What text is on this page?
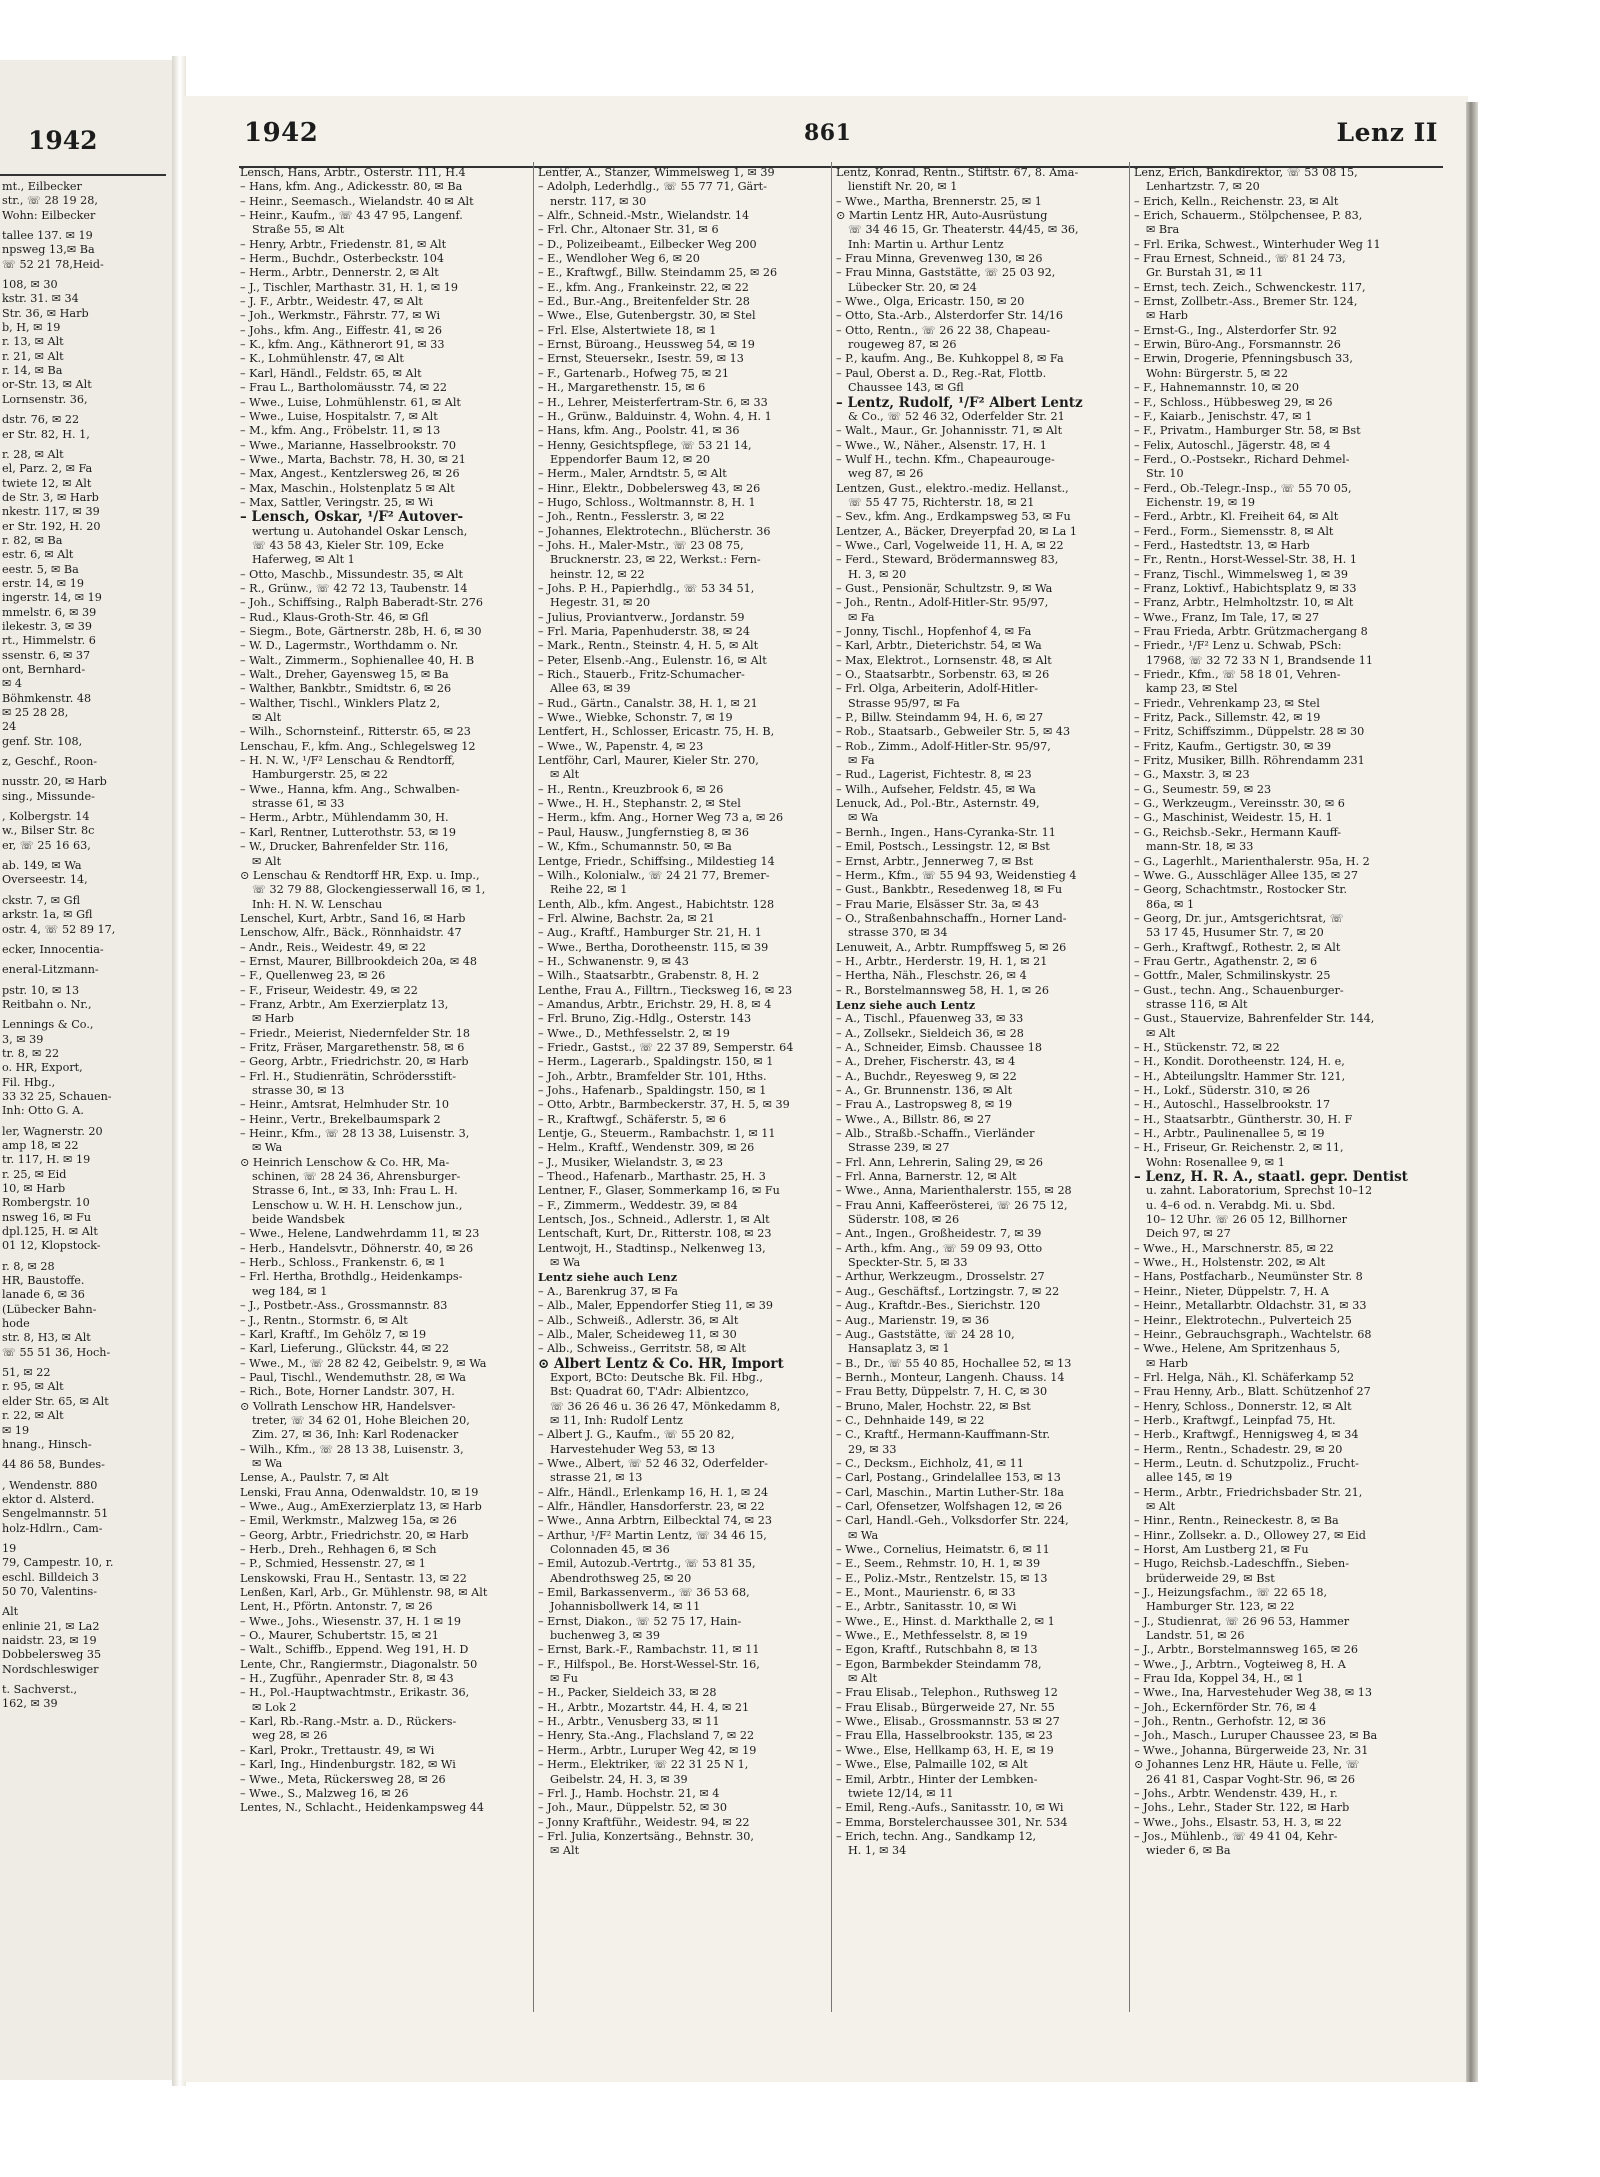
1942
mt., Eilbecker
str., ☏ 28 19 28,
Wohn: Eilbecker
tallee 137. ✉ 19
npsweg 13,✉ Ba
☏ 52 21 78,Heid-
108, ✉ 30
kstr. 31. ✉ 34
Str. 36, ✉ Harb
b, H, ✉ 19
r. 13, ✉ Alt
r. 21, ✉ Alt
r. 14, ✉ Ba
or-Str. 13, ✉ Alt
Lornsenstr. 36,
dstr. 76, ✉ 22
er Str. 82, H. 1,
r. 28, ✉ Alt
el, Parz. 2, ✉ Fa
twiete 12, ✉ Alt
de Str. 3, ✉ Harb
nkestr. 117, ✉ 39
er Str. 192, H. 20
r. 82, ✉ Ba
estr. 6, ✉ Alt
eestr. 5, ✉ Ba
erstr. 14, ✉ 19
ingerstr. 14, ✉ 19
mmelstr. 6, ✉ 39
ilekestr. 3, ✉ 39
rt., Himmelstr. 6
ssenstr. 6, ✉ 37
ont, Bernhard-
✉ 4
Böhmkenstr. 48
✉ 25 28 28,
24
genf. Str. 108,
z, Geschf., Roon-
nusstr. 20, ✉ Harb
sing., Missunde-
, Kolbergstr. 14
w., Bilser Str. 8c
er, ☏ 25 16 63,
ab. 149, ✉ Wa
Overseestr. 14,
ckstr. 7, ✉ Gfl
arkstr. 1a, ✉ Gfl
ostr. 4, ☏ 52 89 17,
ecker, Innocentia-
eneral-Litzmann-
pstr. 10, ✉ 13
Reitbahn o. Nr.,
Lennings & Co.,
3, ✉ 39
tr. 8, ✉ 22
o. HR, Export,
Fil. Hbg.,
33 32 25, Schauen-
Inh: Otto G. A.
ler, Wagnerstr. 20
amp 18, ✉ 22
tr. 117, H. ✉ 19
r. 25, ✉ Eid
10, ✉ Harb
Rombergstr. 10
nsweg 16, ✉ Fu
dpl.125, H. ✉ Alt
01 12, Klopstock-
r. 8, ✉ 28
HR, Baustoffe.
lanade 6, ✉ 36
(Lübecker Bahn-
hode
str. 8, H3, ✉ Alt
☏ 55 51 36, Hoch-
51, ✉ 22
r. 95, ✉ Alt
elder Str. 65, ✉ Alt
r. 22, ✉ Alt
✉ 19
hnang., Hinsch-
44 86 58, Bundes-
, Wendenstr. 880
ektor d. Alsterd.
Sengelmannstr. 51
holz-Hdlrn., Cam-
19
79, Campestr. 10, r.
eschl. Billdeich 3
50 70, Valentins-
Alt
enlinie 21, ✉ La2
naidstr. 23, ✉ 19
Dobbelersweg 35
Nordschleswiger
t. Sachverst.,
162, ✉ 39
1942	861	Lenz II
Lensch, Hans, Arbtr., Osterstr. 111, H.4
– Hans, kfm. Ang., Adickesstr. 80, ✉ Ba
– Heinr., Seemasch., Wielandstr. 40 ✉ Alt
– Heinr., Kaufm., ☏ 43 47 95, Langenf.
Straße 55, ✉ Alt
– Henry, Arbtr., Friedenstr. 81, ✉ Alt
– Herm., Buchdr., Osterbeckstr. 104
– Herm., Arbtr., Dennerstr. 2, ✉ Alt
– J., Tischler, Marthastr. 31, H. 1, ✉ 19
– J. F., Arbtr., Weidestr. 47, ✉ Alt
– Joh., Werkmstr., Fährstr. 77, ✉ Wi
– Johs., kfm. Ang., Eiffestr. 41, ✉ 26
– K., kfm. Ang., Käthnerort 91, ✉ 33
– K., Lohmühlenstr. 47, ✉ Alt
– Karl, Händl., Feldstr. 65, ✉ Alt
– Frau L., Bartholomäusstr. 74, ✉ 22
– Wwe., Luise, Lohmühlenstr. 61, ✉ Alt
– Wwe., Luise, Hospitalstr. 7, ✉ Alt
– M., kfm. Ang., Fröbelstr. 11, ✉ 13
– Wwe., Marianne, Hasselbrookstr. 70
– Wwe., Marta, Bachstr. 78, H. 30, ✉ 21
– Max, Angest., Kentzlersweg 26, ✉ 26
– Max, Maschin., Holstenplatz 5 ✉ Alt
– Max, Sattler, Veringstr. 25, ✉ Wi
– Lensch, Oskar, ¹/F² Autover-
wertung u. Autohandel Oskar Lensch,
☏ 43 58 43, Kieler Str. 109, Ecke
Haferweg, ✉ Alt 1
– Otto, Maschb., Missundestr. 35, ✉ Alt
– R., Grünw., ☏ 42 72 13, Taubenstr. 14
– Joh., Schiffsing., Ralph Baberadt-Str. 276
– Rud., Klaus-Groth-Str. 46, ✉ Gfl
– Siegm., Bote, Gärtnerstr. 28b, H. 6, ✉ 30
– W. D., Lagermstr., Worthdamm o. Nr.
– Walt., Zimmerm., Sophienallee 40, H. B
– Walt., Dreher, Gayensweg 15, ✉ Ba
– Walther, Bankbtr., Smidtstr. 6, ✉ 26
– Walther, Tischl., Winklers Platz 2,
✉ Alt
– Wilh., Schornsteinf., Ritterstr. 65, ✉ 23
Lenschau, F., kfm. Ang., Schlegelsweg 12
– H. N. W., ¹/F² Lenschau & Rendtorff,
Hamburgerstr. 25, ✉ 22
– Wwe., Hanna, kfm. Ang., Schwalben-
strasse 61, ✉ 33
– Herm., Arbtr., Mühlendamm 30, H.
– Karl, Rentner, Lutterothstr. 53, ✉ 19
– W., Drucker, Bahrenfelder Str. 116,
✉ Alt
⊙ Lenschau & Rendtorff HR, Exp. u. Imp.,
☏ 32 79 88, Glockengiesserwall 16, ✉ 1,
Inh: H. N. W. Lenschau
Lenschel, Kurt, Arbtr., Sand 16, ✉ Harb
Lenschow, Alfr., Bäck., Rönnhaidstr. 47
– Andr., Reis., Weidestr. 49, ✉ 22
– Ernst, Maurer, Billbrookdeich 20a, ✉ 48
– F., Quellenweg 23, ✉ 26
– F., Friseur, Weidestr. 49, ✉ 22
– Franz, Arbtr., Am Exerzierplatz 13,
✉ Harb
– Friedr., Meierist, Niedernfelder Str. 18
– Fritz, Fräser, Margarethenstr. 58, ✉ 6
– Georg, Arbtr., Friedrichstr. 20, ✉ Harb
– Frl. H., Studienrätin, Schrödersstift-
strasse 30, ✉ 13
– Heinr., Amtsrat, Helmhuder Str. 10
– Heinr., Vertr., Brekelbaumspark 2
– Heinr., Kfm., ☏ 28 13 38, Luisenstr. 3,
✉ Wa
⊙ Heinrich Lenschow & Co. HR, Ma-
schinen, ☏ 28 24 36, Ahrensburger-
Strasse 6, Int., ✉ 33, Inh: Frau L. H.
Lenschow u. W. H. H. Lenschow jun.,
beide Wandsbek
– Wwe., Helene, Landwehrdamm 11, ✉ 23
– Herb., Handelsvtr., Döhnerstr. 40, ✉ 26
– Herb., Schloss., Frankenstr. 6, ✉ 1
– Frl. Hertha, Brothdlg., Heidenkamps-
weg 184, ✉ 1
– J., Postbetr.-Ass., Grossmannstr. 83
– J., Rentn., Stormstr. 6, ✉ Alt
– Karl, Kraftf., Im Gehölz 7, ✉ 19
– Karl, Lieferung., Glückstr. 44, ✉ 22
– Wwe., M., ☏ 28 82 42, Geibelstr. 9, ✉ Wa
– Paul, Tischl., Wendemuthstr. 28, ✉ Wa
– Rich., Bote, Horner Landstr. 307, H.
⊙ Vollrath Lenschow HR, Handelsver-
treter, ☏ 34 62 01, Hohe Bleichen 20,
Zim. 27, ✉ 36, Inh: Karl Rodenacker
– Wilh., Kfm., ☏ 28 13 38, Luisenstr. 3,
✉ Wa
Lense, A., Paulstr. 7, ✉ Alt
Lenski, Frau Anna, Odenwaldstr. 10, ✉ 19
– Wwe., Aug., AmExerzierplatz 13, ✉ Harb
– Emil, Werkmstr., Malzweg 15a, ✉ 26
– Georg, Arbtr., Friedrichstr. 20, ✉ Harb
– Herb., Dreh., Rehhagen 6, ✉ Sch
– P., Schmied, Hessenstr. 27, ✉ 1
Lenskowski, Frau H., Sentastr. 13, ✉ 22
Lenßen, Karl, Arb., Gr. Mühlenstr. 98, ✉ Alt
Lent, H., Pförtn. Antonstr. 7, ✉ 26
– Wwe., Johs., Wiesenstr. 37, H. 1 ✉ 19
– O., Maurer, Schubertstr. 15, ✉ 21
– Walt., Schiffb., Eppend. Weg 191, H. D
Lente, Chr., Rangiermstr., Diagonalstr. 50
– H., Zugführ., Apenrader Str. 8, ✉ 43
– H., Pol.-Hauptwachtmstr., Erikastr. 36,
✉ Lok 2
– Karl, Rb.-Rang.-Mstr. a. D., Rückers-
weg 28, ✉ 26
– Karl, Prokr., Trettaustr. 49, ✉ Wi
– Karl, Ing., Hindenburgstr. 182, ✉ Wi
– Wwe., Meta, Rückersweg 28, ✉ 26
– Wwe., S., Malzweg 16, ✉ 26
Lentes, N., Schlacht., Heidenkampsweg 44
Lentfer, A., Stanzer, Wimmelsweg 1, ✉ 39
– Adolph, Lederhdlg., ☏ 55 77 71, Gärt-
nerstr. 117, ✉ 30
– Alfr., Schneid.-Mstr., Wielandstr. 14
– Frl. Chr., Altonaer Str. 31, ✉ 6
– D., Polizeibeamt., Eilbecker Weg 200
– E., Wendloher Weg 6, ✉ 20
– E., Kraftwgf., Billw. Steindamm 25, ✉ 26
– E., kfm. Ang., Frankeinstr. 22, ✉ 22
– Ed., Bur.-Ang., Breitenfelder Str. 28
– Wwe., Else, Gutenbergstr. 30, ✉ Stel
– Frl. Else, Alstertwiete 18, ✉ 1
– Ernst, Büroang., Heussweg 54, ✉ 19
– Ernst, Steuersekr., Isestr. 59, ✉ 13
– F., Gartenarb., Hofweg 75, ✉ 21
– H., Margarethenstr. 15, ✉ 6
– H., Lehrer, Meisterfertram-Str. 6, ✉ 33
– H., Grünw., Balduinstr. 4, Wohn. 4, H. 1
– Hans, kfm. Ang., Poolstr. 41, ✉ 36
– Henny, Gesichtspflege, ☏ 53 21 14,
Eppendorfer Baum 12, ✉ 20
– Herm., Maler, Arndtstr. 5, ✉ Alt
– Hinr., Elektr., Dobbelersweg 43, ✉ 26
– Hugo, Schloss., Woltmannstr. 8, H. 1
– Joh., Rentn., Fesslerstr. 3, ✉ 22
– Johannes, Elektrotechn., Blücherstr. 36
– Johs. H., Maler-Mstr., ☏ 23 08 75,
Brucknerstr. 23, ✉ 22, Werkst.: Fern-
heinstr. 12, ✉ 22
– Johs. P. H., Papierhdlg., ☏ 53 34 51,
Hegestr. 31, ✉ 20
– Julius, Proviantverw., Jordanstr. 59
– Frl. Maria, Papenhuderstr. 38, ✉ 24
– Mark., Rentn., Steinstr. 4, H. 5, ✉ Alt
– Peter, Elsenb.-Ang., Eulenstr. 16, ✉ Alt
– Rich., Stauerb., Fritz-Schumacher-
Allee 63, ✉ 39
– Rud., Gärtn., Canalstr. 38, H. 1, ✉ 21
– Wwe., Wiebke, Schonstr. 7, ✉ 19
Lentfert, H., Schlosser, Ericastr. 75, H. B,
– Wwe., W., Papenstr. 4, ✉ 23
Lentföhr, Carl, Maurer, Kieler Str. 270,
✉ Alt
– H., Rentn., Kreuzbrook 6, ✉ 26
– Wwe., H. H., Stephanstr. 2, ✉ Stel
– Herm., kfm. Ang., Horner Weg 73 a, ✉ 26
– Paul, Hausw., Jungfernstieg 8, ✉ 36
– W., Kfm., Schumannstr. 50, ✉ Ba
Lentge, Friedr., Schiffsing., Mildestieg 14
– Wilh., Kolonialw., ☏ 24 21 77, Bremer-
Reihe 22, ✉ 1
Lenth, Alb., kfm. Angest., Habichtstr. 128
– Frl. Alwine, Bachstr. 2a, ✉ 21
– Aug., Kraftf., Hamburger Str. 21, H. 1
– Wwe., Bertha, Dorotheenstr. 115, ✉ 39
– H., Schwanenstr. 9, ✉ 43
– Wilh., Staatsarbtr., Grabenstr. 8, H. 2
Lenthe, Frau A., Filltrn., Tiecksweg 16, ✉ 23
– Amandus, Arbtr., Erichstr. 29, H. 8, ✉ 4
– Frl. Bruno, Zig.-Hdlg., Osterstr. 143
– Wwe., D., Methfesselstr. 2, ✉ 19
– Friedr., Gastst., ☏ 22 37 89, Semperstr. 64
– Herm., Lagerarb., Spaldingstr. 150, ✉ 1
– Joh., Arbtr., Bramfelder Str. 101, Hths.
– Johs., Hafenarb., Spaldingstr. 150, ✉ 1
– Otto, Arbtr., Barmbeckerstr. 37, H. 5, ✉ 39
– R., Kraftwgf., Schäferstr. 5, ✉ 6
Lentje, G., Steuerm., Rambachstr. 1, ✉ 11
– Helm., Kraftf., Wendenstr. 309, ✉ 26
– J., Musiker, Wielandstr. 3, ✉ 23
– Theod., Hafenarb., Marthastr. 25, H. 3
Lentner, F., Glaser, Sommerkamp 16, ✉ Fu
– F., Zimmerm., Weddestr. 39, ✉ 84
Lentsch, Jos., Schneid., Adlerstr. 1, ✉ Alt
Lentschaft, Kurt, Dr., Ritterstr. 108, ✉ 23
Lentwojt, H., Stadtinsp., Nelkenweg 13,
✉ Wa
Lentz siehe auch Lenz
– A., Barenkrug 37, ✉ Fa
– Alb., Maler, Eppendorfer Stieg 11, ✉ 39
– Alb., Schweiß., Adlerstr. 36, ✉ Alt
– Alb., Maler, Scheideweg 11, ✉ 30
– Alb., Schweiss., Gerritstr. 58, ✉ Alt
⊙ Albert Lentz & Co. HR, Import
Export, BCto: Deutsche Bk. Fil. Hbg.,
Bst: Quadrat 60, T'Adr: Albientzco,
☏ 36 26 46 u. 36 26 47, Mönkedamm 8,
✉ 11, Inh: Rudolf Lentz
– Albert J. G., Kaufm., ☏ 55 20 82,
Harvestehuder Weg 53, ✉ 13
– Wwe., Albert, ☏ 52 46 32, Oderfelder-
strasse 21, ✉ 13
– Alfr., Händl., Erlenkamp 16, H. 1, ✉ 24
– Alfr., Händler, Hansdorferstr. 23, ✉ 22
– Wwe., Anna Arbtrn, Eilbecktal 74, ✉ 23
– Arthur, ¹/F² Martin Lentz, ☏ 34 46 15,
Colonnaden 45, ✉ 36
– Emil, Autozub.-Vertrtg., ☏ 53 81 35,
Abendrothsweg 25, ✉ 20
– Emil, Barkassenverm., ☏ 36 53 68,
Johannisbollwerk 14, ✉ 11
– Ernst, Diakon., ☏ 52 75 17, Hain-
buchenweg 3, ✉ 39
– Ernst, Bark.-F., Rambachstr. 11, ✉ 11
– F., Hilfspol., Be. Horst-Wessel-Str. 16,
✉ Fu
– H., Packer, Sieldeich 33, ✉ 28
– H., Arbtr., Mozartstr. 44, H. 4, ✉ 21
– H., Arbtr., Venusberg 33, ✉ 11
– Henry, Sta.-Ang., Flachsland 7, ✉ 22
– Herm., Arbtr., Luruper Weg 42, ✉ 19
– Herm., Elektriker, ☏ 22 31 25 N 1,
Geibelstr. 24, H. 3, ✉ 39
– Frl. J., Hamb. Hochstr. 21, ✉ 4
– Joh., Maur., Düppelstr. 52, ✉ 30
– Jonny Kraftführ., Weidestr. 94, ✉ 22
– Frl. Julia, Konzertsäng., Behnstr. 30,
✉ Alt
Lentz, Konrad, Rentn., Stiftstr. 67, 8. Ama-
lienstift Nr. 20, ✉ 1
– Wwe., Martha, Brennerstr. 25, ✉ 1
⊙ Martin Lentz HR, Auto-Ausrüstung
☏ 34 46 15, Gr. Theaterstr. 44/45, ✉ 36,
Inh: Martin u. Arthur Lentz
– Frau Minna, Grevenweg 130, ✉ 26
– Frau Minna, Gaststätte, ☏ 25 03 92,
Lübecker Str. 20, ✉ 24
– Wwe., Olga, Ericastr. 150, ✉ 20
– Otto, Sta.-Arb., Alsterdorfer Str. 14/16
– Otto, Rentn., ☏ 26 22 38, Chapeau-
rougeweg 87, ✉ 26
– P., kaufm. Ang., Be. Kuhkoppel 8, ✉ Fa
– Paul, Oberst a. D., Reg.-Rat, Flottb.
Chaussee 143, ✉ Gfl
– Lentz, Rudolf, ¹/F² Albert Lentz
& Co., ☏ 52 46 32, Oderfelder Str. 21
– Walt., Maur., Gr. Johannisstr. 71, ✉ Alt
– Wwe., W., Näher., Alsenstr. 17, H. 1
– Wulf H., techn. Kfm., Chapeaurouge-
weg 87, ✉ 26
Lentzen, Gust., elektro.-mediz. Hellanst.,
☏ 55 47 75, Richterstr. 18, ✉ 21
– Sev., kfm. Ang., Erdkampsweg 53, ✉ Fu
Lentzer, A., Bäcker, Dreyerpfad 20, ✉ La 1
– Wwe., Carl, Vogelweide 11, H. A, ✉ 22
– Ferd., Steward, Brödermannsweg 83,
H. 3, ✉ 20
– Gust., Pensionär, Schultzstr. 9, ✉ Wa
– Joh., Rentn., Adolf-Hitler-Str. 95/97,
✉ Fa
– Jonny, Tischl., Hopfenhof 4, ✉ Fa
– Karl, Arbtr., Dieterichstr. 54, ✉ Wa
– Max, Elektrot., Lornsenstr. 48, ✉ Alt
– O., Staatsarbtr., Sorbenstr. 63, ✉ 26
– Frl. Olga, Arbeiterin, Adolf-Hitler-
Strasse 95/97, ✉ Fa
– P., Billw. Steindamm 94, H. 6, ✉ 27
– Rob., Staatsarb., Gebweiler Str. 5, ✉ 43
– Rob., Zimm., Adolf-Hitler-Str. 95/97,
✉ Fa
– Rud., Lagerist, Fichtestr. 8, ✉ 23
– Wilh., Aufseher, Feldstr. 45, ✉ Wa
Lenuck, Ad., Pol.-Btr., Asternstr. 49,
✉ Wa
– Bernh., Ingen., Hans-Cyranka-Str. 11
– Emil, Postsch., Lessingstr. 12, ✉ Bst
– Ernst, Arbtr., Jennerweg 7, ✉ Bst
– Herm., Kfm., ☏ 55 94 93, Weidenstieg 4
– Gust., Bankbtr., Resedenweg 18, ✉ Fu
– Frau Marie, Elsässer Str. 3a, ✉ 43
– O., Straßenbahnschaffn., Horner Land-
strasse 370, ✉ 34
Lenuweit, A., Arbtr. Rumpffsweg 5, ✉ 26
– H., Arbtr., Herderstr. 19, H. 1, ✉ 21
– Hertha, Näh., Fleschstr. 26, ✉ 4
– R., Borstelmannsweg 58, H. 1, ✉ 26
Lenz siehe auch Lentz
– A., Tischl., Pfauenweg 33, ✉ 33
– A., Zollsekr., Sieldeich 36, ✉ 28
– A., Schneider, Eimsb. Chaussee 18
– A., Dreher, Fischerstr. 43, ✉ 4
– A., Buchdr., Reyesweg 9, ✉ 22
– A., Gr. Brunnenstr. 136, ✉ Alt
– Frau A., Lastropsweg 8, ✉ 19
– Wwe., A., Billstr. 86, ✉ 27
– Alb., Straßb.-Schaffn., Vierländer
Strasse 239, ✉ 27
– Frl. Ann, Lehrerin, Saling 29, ✉ 26
– Frl. Anna, Barnerstr. 12, ✉ Alt
– Wwe., Anna, Marienthalerstr. 155, ✉ 28
– Frau Anni, Kaffeerösterei, ☏ 26 75 12,
Süderstr. 108, ✉ 26
– Ant., Ingen., Großheidestr. 7, ✉ 39
– Arth., kfm. Ang., ☏ 59 09 93, Otto
Speckter-Str. 5, ✉ 33
– Arthur, Werkzeugm., Drosselstr. 27
– Aug., Geschäftsf., Lortzingstr. 7, ✉ 22
– Aug., Kraftdr.-Bes., Sierichstr. 120
– Aug., Marienstr. 19, ✉ 36
– Aug., Gaststätte, ☏ 24 28 10,
Hansaplatz 3, ✉ 1
– B., Dr., ☏ 55 40 85, Hochallee 52, ✉ 13
– Bernh., Monteur, Langenh. Chauss. 14
– Frau Betty, Düppelstr. 7, H. C, ✉ 30
– Bruno, Maler, Hochstr. 22, ✉ Bst
– C., Dehnhaide 149, ✉ 22
– C., Kraftf., Hermann-Kauffmann-Str.
29, ✉ 33
– C., Decksm., Eichholz, 41, ✉ 11
– Carl, Postang., Grindelallee 153, ✉ 13
– Carl, Maschin., Martin Luther-Str. 18a
– Carl, Ofensetzer, Wolfshagen 12, ✉ 26
– Carl, Handl.-Geh., Volksdorfer Str. 224,
✉ Wa
– Wwe., Cornelius, Heimatstr. 6, ✉ 11
– E., Seem., Rehmstr. 10, H. 1, ✉ 39
– E., Poliz.-Mstr., Rentzelstr. 15, ✉ 13
– E., Mont., Maurienstr. 6, ✉ 33
– E., Arbtr., Sanitasstr. 10, ✉ Wi
– Wwe., E., Hinst. d. Markthalle 2, ✉ 1
– Wwe., E., Methfesselstr. 8, ✉ 19
– Egon, Kraftf., Rutschbahn 8, ✉ 13
– Egon, Barmbekder Steindamm 78,
✉ Alt
– Frau Elisab., Telephon., Ruthsweg 12
– Frau Elisab., Bürgerweide 27, Nr. 55
– Wwe., Elisab., Grossmannstr. 53 ✉ 27
– Frau Ella, Hasselbrookstr. 135, ✉ 23
– Wwe., Else, Hellkamp 63, H. E, ✉ 19
– Wwe., Else, Palmaille 102, ✉ Alt
– Emil, Arbtr., Hinter der Lembken-
twiete 12/14, ✉ 11
– Emil, Reng.-Aufs., Sanitasstr. 10, ✉ Wi
– Emma, Borstelerchaussee 301, Nr. 534
– Erich, techn. Ang., Sandkamp 12,
H. 1, ✉ 34
Lenz, Erich, Bankdirektor, ☏ 53 08 15,
Lenhartzstr. 7, ✉ 20
– Erich, Kelln., Reichenstr. 23, ✉ Alt
– Erich, Schauerm., Stölpchensee, P. 83,
✉ Bra
– Frl. Erika, Schwest., Winterhuder Weg 11
– Frau Ernest, Schneid., ☏ 81 24 73,
Gr. Burstah 31, ✉ 11
– Ernst, tech. Zeich., Schwenckestr. 117,
– Ernst, Zollbetr.-Ass., Bremer Str. 124,
✉ Harb
– Ernst-G., Ing., Alsterdorfer Str. 92
– Erwin, Büro-Ang., Forsmannstr. 26
– Erwin, Drogerie, Pfenningsbusch 33,
Wohn: Bürgerstr. 5, ✉ 22
– F., Hahnemannstr. 10, ✉ 20
– F., Schloss., Hübbesweg 29, ✉ 26
– F., Kaiarb., Jenischstr. 47, ✉ 1
– F., Privatm., Hamburger Str. 58, ✉ Bst
– Felix, Autoschl., Jägerstr. 48, ✉ 4
– Ferd., O.-Postsekr., Richard Dehmel-
Str. 10
– Ferd., Ob.-Telegr.-Insp., ☏ 55 70 05,
Eichenstr. 19, ✉ 19
– Ferd., Arbtr., Kl. Freiheit 64, ✉ Alt
– Ferd., Form., Siemensstr. 8, ✉ Alt
– Ferd., Hastedtstr. 13, ✉ Harb
– Fr., Rentn., Horst-Wessel-Str. 38, H. 1
– Franz, Tischl., Wimmelsweg 1, ✉ 39
– Franz, Loktivf., Habichtsplatz 9, ✉ 33
– Franz, Arbtr., Helmholtzstr. 10, ✉ Alt
– Wwe., Franz, Im Tale, 17, ✉ 27
– Frau Frieda, Arbtr. Grützmachergang 8
– Friedr., ¹/F² Lenz u. Schwab, PSch:
17968, ☏ 32 72 33 N 1, Brandsende 11
– Friedr., Kfm., ☏ 58 18 01, Vehren-
kamp 23, ✉ Stel
– Friedr., Vehrenkamp 23, ✉ Stel
– Fritz, Pack., Sillemstr. 42, ✉ 19
– Fritz, Schiffszimm., Düppelstr. 28 ✉ 30
– Fritz, Kaufm., Gertigstr. 30, ✉ 39
– Fritz, Musiker, Billh. Röhrendamm 231
– G., Maxstr. 3, ✉ 23
– G., Seumestr. 59, ✉ 23
– G., Werkzeugm., Vereinsstr. 30, ✉ 6
– G., Maschinist, Weidestr. 15, H. 1
– G., Reichsb.-Sekr., Hermann Kauff-
mann-Str. 18, ✉ 33
– G., Lagerhlt., Marienthalerstr. 95a, H. 2
– Wwe. G., Ausschläger Allee 135, ✉ 27
– Georg, Schachtmstr., Rostocker Str.
86a, ✉ 1
– Georg, Dr. jur., Amtsgerichtsrat, ☏
53 17 45, Husumer Str. 7, ✉ 20
– Gerh., Kraftwgf., Rothestr. 2, ✉ Alt
– Frau Gertr., Agathenstr. 2, ✉ 6
– Gottfr., Maler, Schmilinskystr. 25
– Gust., techn. Ang., Schauenburger-
strasse 116, ✉ Alt
– Gust., Stauervize, Bahrenfelder Str. 144,
✉ Alt
– H., Stückenstr. 72, ✉ 22
– H., Kondit. Dorotheenstr. 124, H. e,
– H., Abteilungsltr. Hammer Str. 121,
– H., Lokf., Süderstr. 310, ✉ 26
– H., Autoschl., Hasselbrookstr. 17
– H., Staatsarbtr., Güntherstr. 30, H. F
– H., Arbtr., Paulinenallee 5, ✉ 19
– H., Friseur, Gr. Reichenstr. 2, ✉ 11,
Wohn: Rosenallee 9, ✉ 1
– Lenz, H. R. A., staatl. gepr. Dentist
u. zahnt. Laboratorium, Sprechst 10–12
u. 4–6 od. n. Verabdg. Mi. u. Sbd.
10– 12 Uhr. ☏ 26 05 12, Billhorner
Deich 97, ✉ 27
– Wwe., H., Marschnerstr. 85, ✉ 22
– Wwe., H., Holstenstr. 202, ✉ Alt
– Hans, Postfacharb., Neumünster Str. 8
– Heinr., Nieter, Düppelstr. 7, H. A
– Heinr., Metallarbtr. Oldachstr. 31, ✉ 33
– Heinr., Elektrotechn., Pulverteich 25
– Heinr., Gebrauchsgraph., Wachtelstr. 68
– Wwe., Helene, Am Spritzenhaus 5,
✉ Harb
– Frl. Helga, Näh., Kl. Schäferkamp 52
– Frau Henny, Arb., Blatt. Schützenhof 27
– Henry, Schloss., Donnerstr. 12, ✉ Alt
– Herb., Kraftwgf., Leinpfad 75, Ht.
– Herb., Kraftwgf., Hennigsweg 4, ✉ 34
– Herm., Rentn., Schadestr. 29, ✉ 20
– Herm., Leutn. d. Schutzpoliz., Frucht-
allee 145, ✉ 19
– Herm., Arbtr., Friedrichsbader Str. 21,
✉ Alt
– Hinr., Rentn., Reineckestr. 8, ✉ Ba
– Hinr., Zollsekr. a. D., Ollowey 27, ✉ Eid
– Horst, Am Lustberg 21, ✉ Fu
– Hugo, Reichsb.-Ladeschffn., Sieben-
brüderweide 29, ✉ Bst
– J., Heizungsfachm., ☏ 22 65 18,
Hamburger Str. 123, ✉ 22
– J., Studienrat, ☏ 26 96 53, Hammer
Landstr. 51, ✉ 26
– J., Arbtr., Borstelmannsweg 165, ✉ 26
– Wwe., J., Arbtrn., Vogteiweg 8, H. A
– Frau Ida, Koppel 34, H., ✉ 1
– Wwe., Ina, Harvestehuder Weg 38, ✉ 13
– Joh., Eckernförder Str. 76, ✉ 4
– Joh., Rentn., Gerhofstr. 12, ✉ 36
– Joh., Masch., Luruper Chaussee 23, ✉ Ba
– Wwe., Johanna, Bürgerweide 23, Nr. 31
⊙ Johannes Lenz HR, Häute u. Felle, ☏
26 41 81, Caspar Voght-Str. 96, ✉ 26
– Johs., Arbtr. Wendenstr. 439, H., r.
– Johs., Lehr., Stader Str. 122, ✉ Harb
– Wwe., Johs., Elsastr. 53, H. 3, ✉ 22
– Jos., Mühlenb., ☏ 49 41 04, Kehr-
wieder 6, ✉ Ba
